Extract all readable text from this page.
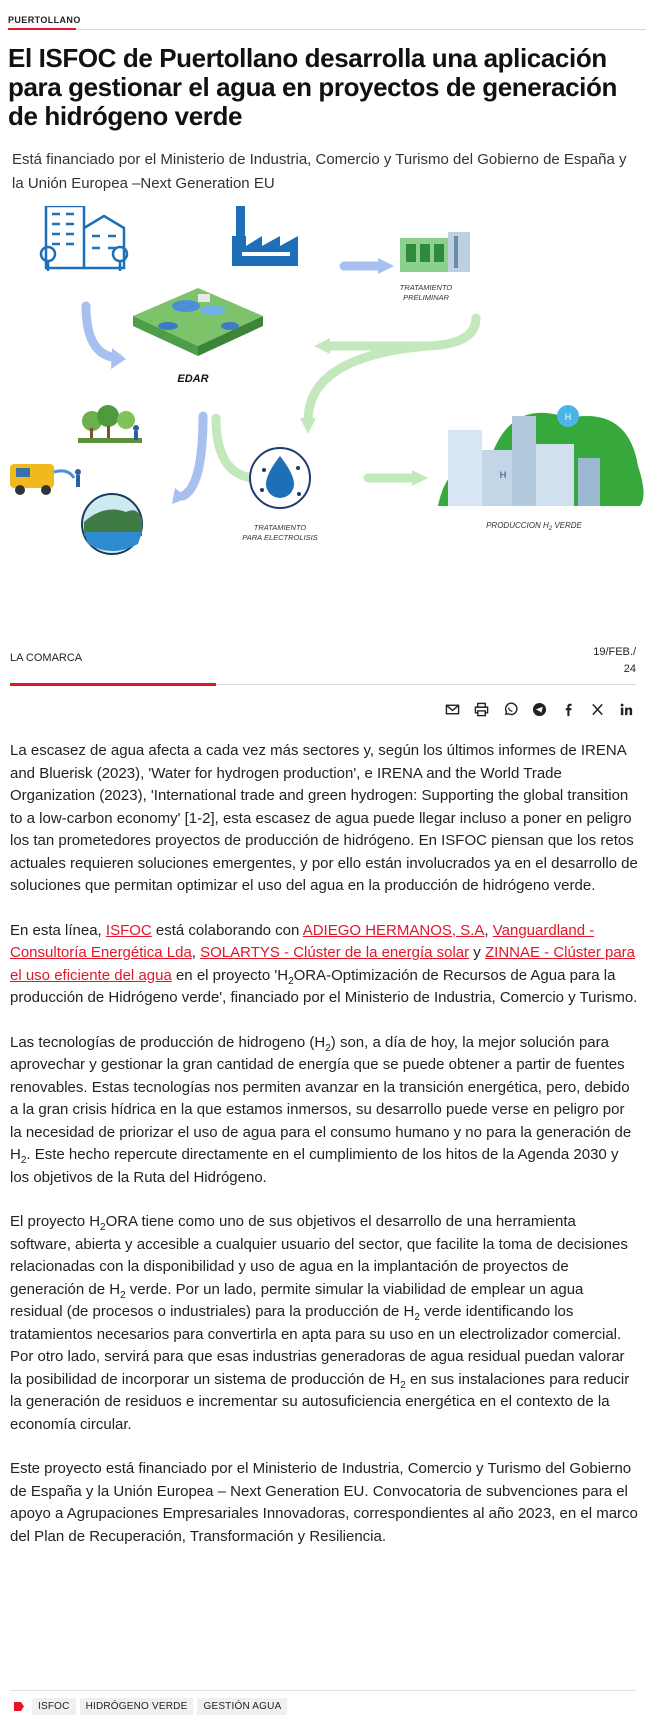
PUERTOLLANO
El ISFOC de Puertollano desarrolla una aplicación para gestionar el agua en proyectos de generación de hidrógeno verde

Está financiado por el Ministerio de Industria, Comercio y Turismo del Gobierno de España y la Unión Europea –Next Generation EU

TRATAMIENTO
PRELIMINAR
EDAR
TRATAMIENTO
PARA ELECTROLISIS
H
H
PRODUCCION $H_2$ VERDE
LA COMARCA	19/FEB./
24

La escasez de agua afecta a cada vez más sectores y, según los últimos informes de IRENA and Bluerisk (2023), 'Water for hydrogen production', e IRENA and the World Trade Organization (2023), 'International trade and green hydrogen: Supporting the global transition to a low-carbon economy' [1-2], esta escasez de agua puede llegar incluso a poner en peligro los tan prometedores proyectos de producción de hidrógeno. En ISFOC piensan que los retos actuales requieren soluciones emergentes, y por ello están involucrados ya en el desarrollo de soluciones que permitan optimizar el uso del agua en la producción de hidrógeno verde.

En esta línea, ISFOC está colaborando con ADIEGO HERMANOS, S.A, Vanguardland - Consultoría Energética Lda, SOLARTYS - Clúster de la energía solar y ZINNAE - Clúster para el uso eficiente del agua en el proyecto '$H_2ORA$-Optimización de Recursos de Agua para la producción de Hidrógeno verde', financiado por el Ministerio de Industria, Comercio y Turismo.

Las tecnologías de producción de hidrogeno $(H_2)$ son, a día de hoy, la mejor solución para aprovechar y gestionar la gran cantidad de energía que se puede obtener a partir de fuentes renovables. Estas tecnologías nos permiten avanzar en la transición energética, pero, debido a la gran crisis hídrica en la que estamos inmersos, su desarrollo puede verse en peligro por la necesidad de priorizar el uso de agua para el consumo humano y no para la generación de $H_2$. Este hecho repercute directamente en el cumplimiento de los hitos de la Agenda 2030 y los objetivos de la Ruta del Hidrógeno.

El proyecto $H_2ORA$ tiene como uno de sus objetivos el desarrollo de una herramienta software, abierta y accesible a cualquier usuario del sector, que facilite la toma de decisiones relacionadas con la disponibilidad y uso de agua en la implantación de proyectos de generación de $H_2$ verde. Por un lado, permite simular la viabilidad de emplear un agua residual (de procesos o industriales) para la producción de $H_2$ verde identificando los tratamientos necesarios para convertirla en apta para su uso en un electrolizador comercial. Por otro lado, servirá para que esas industrias generadoras de agua residual puedan valorar la posibilidad de incorporar un sistema de producción de $H_2$ en sus instalaciones para reducir la generación de residuos e incrementar su autosuficiencia energética en el contexto de la economía circular.

Este proyecto está financiado por el Ministerio de Industria, Comercio y Turismo del Gobierno de España y la Unión Europea – Next Generation EU. Convocatoria de subvenciones para el apoyo a Agrupaciones Empresariales Innovadoras, correspondientes al año 2023, en el marco del Plan de Recuperación, Transformación y Resiliencia.

ISFOC	HIDRÓGENO VERDE	GESTIÓN AGUA
